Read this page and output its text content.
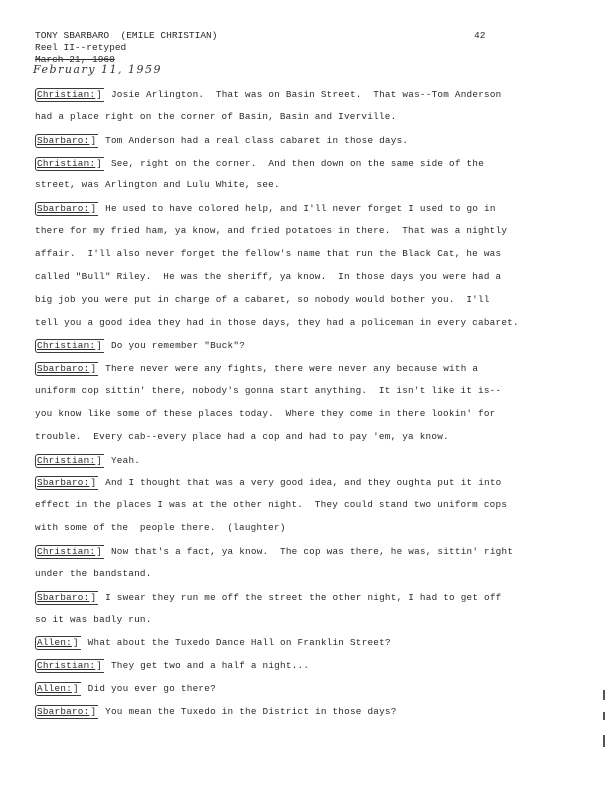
TONY SBARBARO  (EMILE CHRISTIAN)
Reel II--retyped
March 21, 1960
February 11, 1959
42
Christian: ] Josie Arlington.  That was on Basin Street.  That was--Tom Anderson
had a place right on the corner of Basin, Basin and Iverville.
Sbarbaro: ] Tom Anderson had a real class cabaret in those days.
Christian: ] See, right on the corner.  And then down on the same side of the
street, was Arlington and Lulu White, see.
Sbarbaro: ] He used to have colored help, and I'll never forget I used to go in
there for my fried ham, ya know, and fried potatoes in there.  That was a nightly
affair.  I'll also never forget the fellow's name that run the Black Cat, he was
called "Bull" Riley.  He was the sheriff, ya know.  In those days you were had a
big job you were put in charge of a cabaret, so nobody would bother you.  I'll
tell you a good idea they had in those days, they had a policeman in every cabaret.
Christian: ] Do you remember "Buck"?
Sbarbaro: ] There never were any fights, there were never any because with a
uniform cop sittin' there, nobody's gonna start anything.  It isn't like it is--
you know like some of these places today.  Where they come in there lookin' for
trouble.  Every cab--every place had a cop and had to pay 'em, ya know.
Christian: ] Yeah.
Sbarbaro: ] And I thought that was a very good idea, and they oughta put it into
effect in the places I was at the other night.  They could stand two uniform cops
with some of the  people there.  (laughter)
Christian: ] Now that's a fact, ya know.  The cop was there, he was, sittin' right
under the bandstand.
Sbarbaro: ] I swear they run me off the street the other night, I had to get off
so it was badly run.
Allen: ] What about the Tuxedo Dance Hall on Franklin Street?
Christian: ] They get two and a half a night...
Allen: ] Did you ever go there?
Sbarbaro: ] You mean the Tuxedo in the District in those days?
